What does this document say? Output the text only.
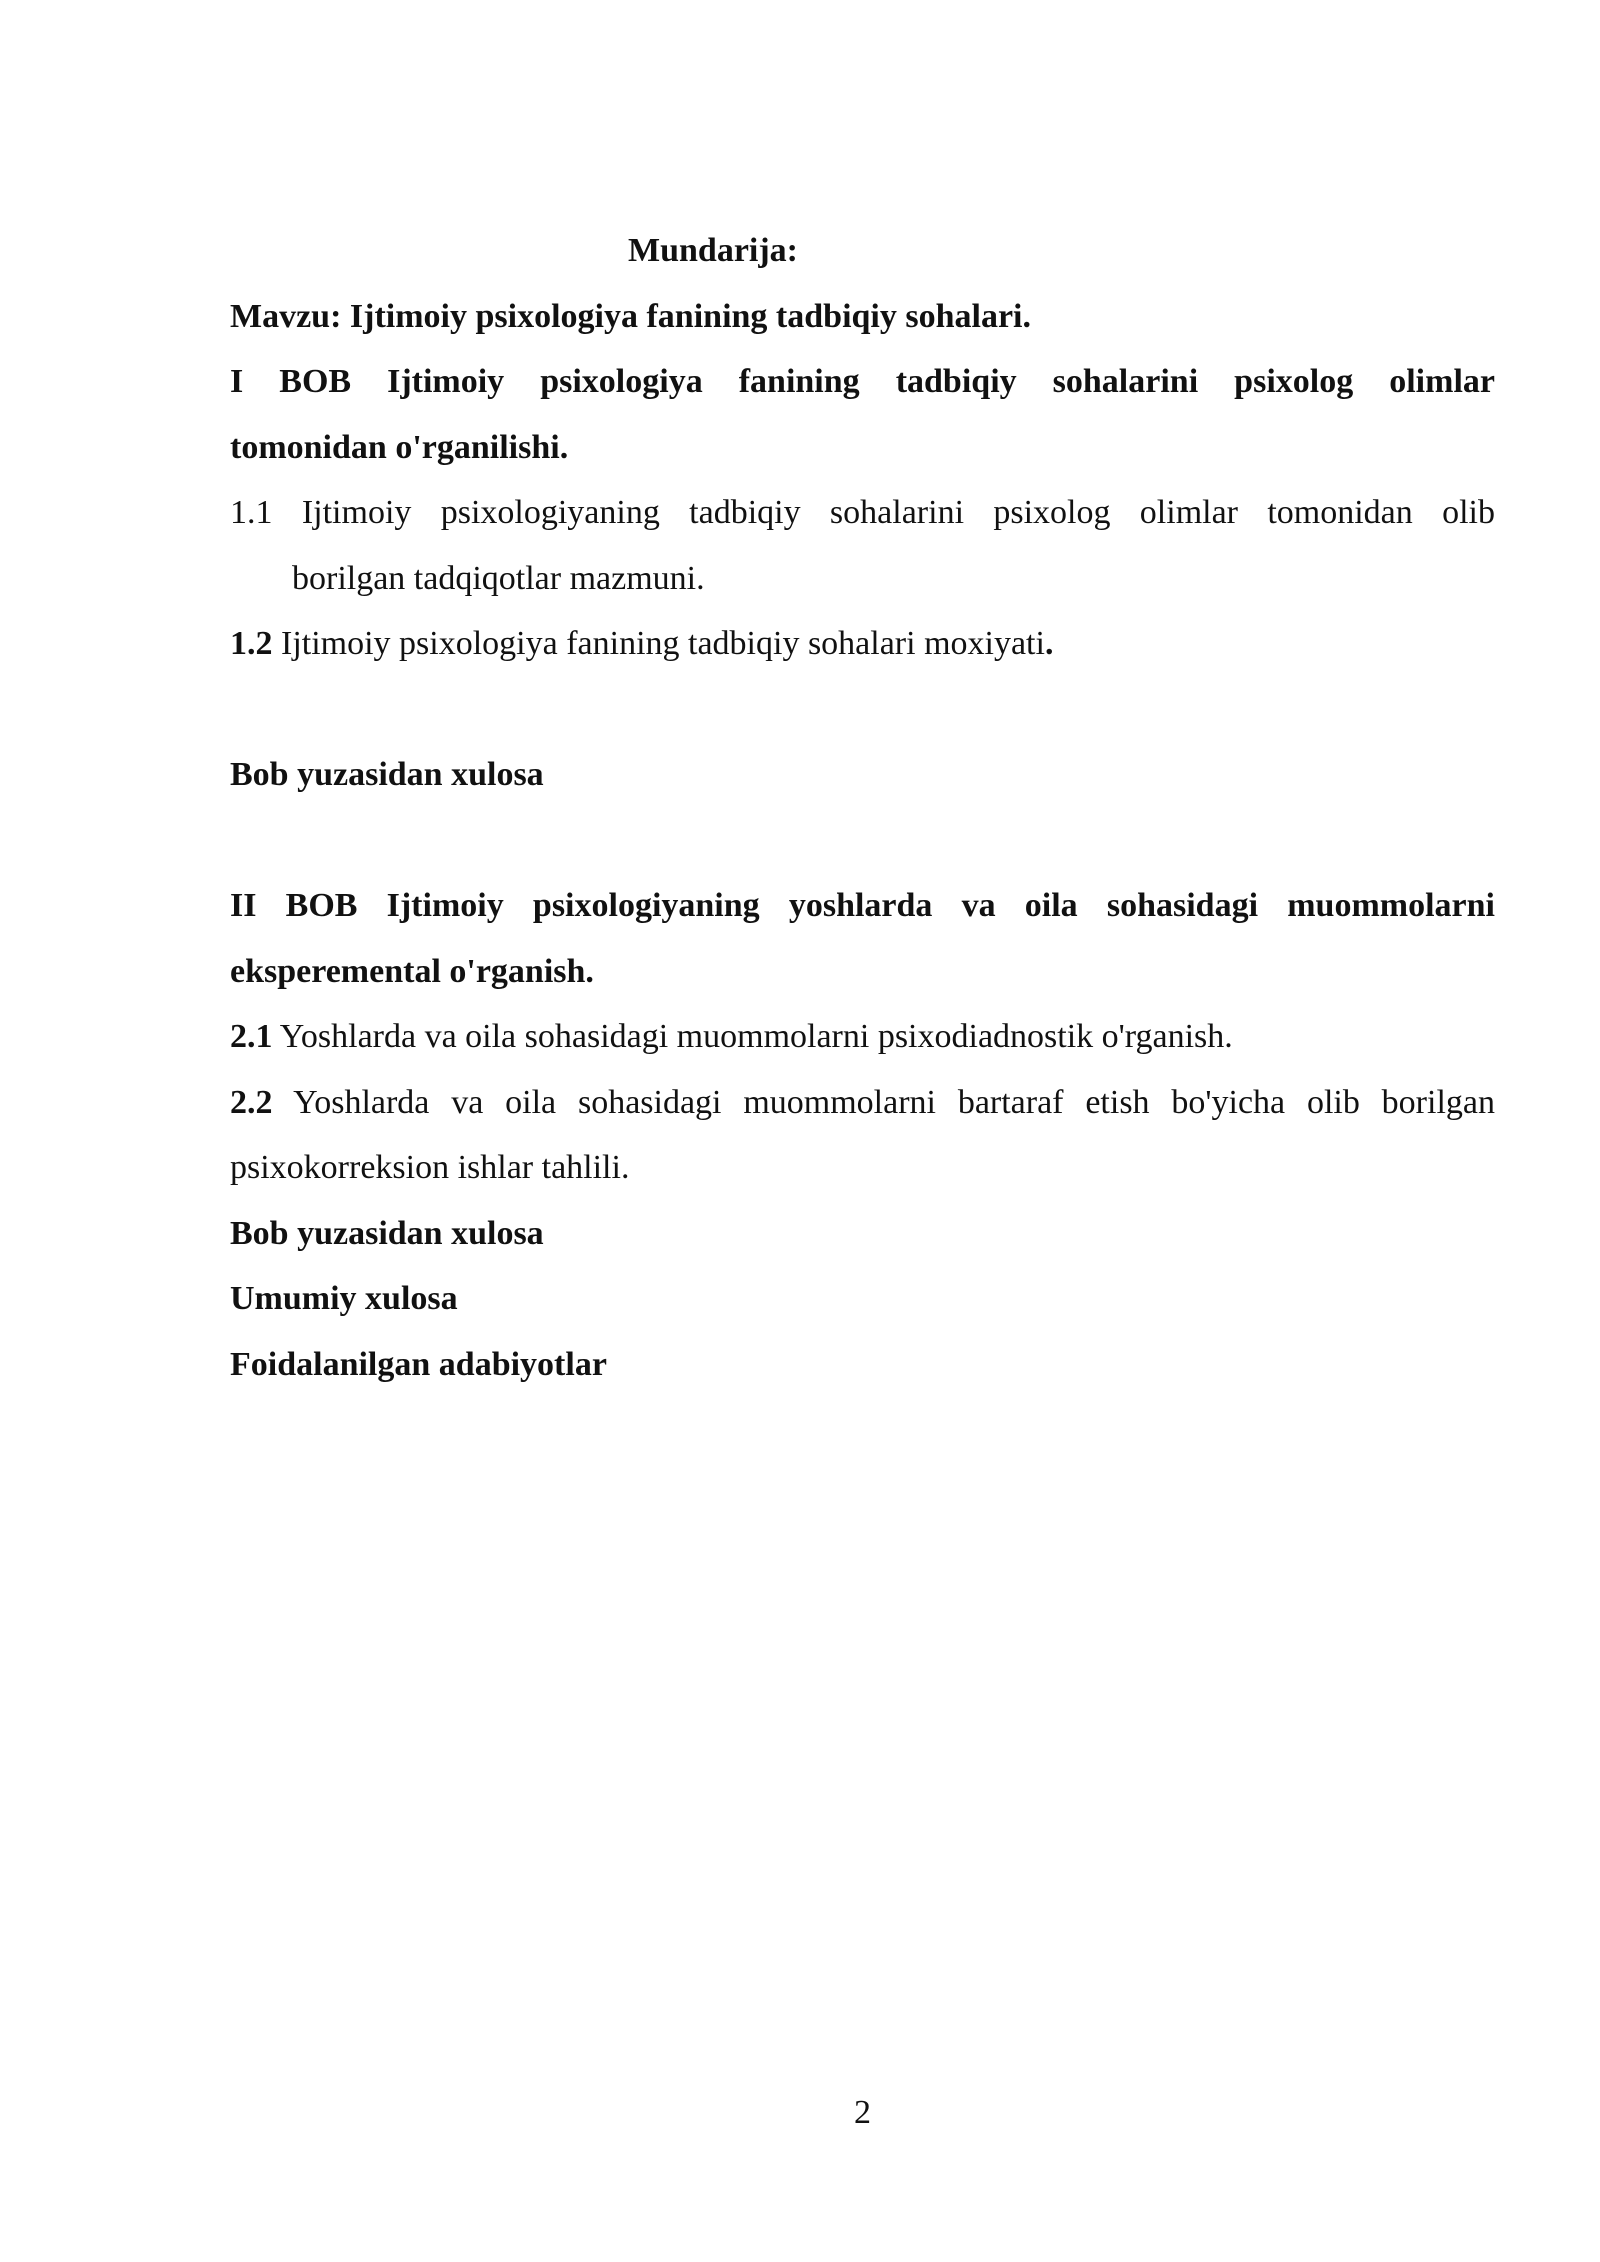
Mundarija:

Mavzu: Ijtimoiy psixologiya fanining tadbiqiy sohalari.

I BOB Ijtimoiy psixologiya fanining tadbiqiy sohalarini psixolog olimlar

tomonidan o'rganilishi.

1.1 Ijtimoiy psixologiyaning tadbiqiy sohalarini psixolog olimlar tomonidan olib

borilgan tadqiqotlar mazmuni.

1.2 Ijtimoiy psixologiya fanining tadbiqiy sohalari moxiyati.

Bob yuzasidan xulosa

II BOB Ijtimoiy psixologiyaning yoshlarda va oila sohasidagi muommolarni

eksperemental o'rganish.

2.1 Yoshlarda va oila sohasidagi muommolarni psixodiadnostik o'rganish.

2.2 Yoshlarda va oila sohasidagi muommolarni bartaraf etish bo'yicha olib borilgan

psixokorreksion ishlar tahlili.

Bob yuzasidan xulosa

Umumiy xulosa

Foidalanilgan adabiyotlar

2
